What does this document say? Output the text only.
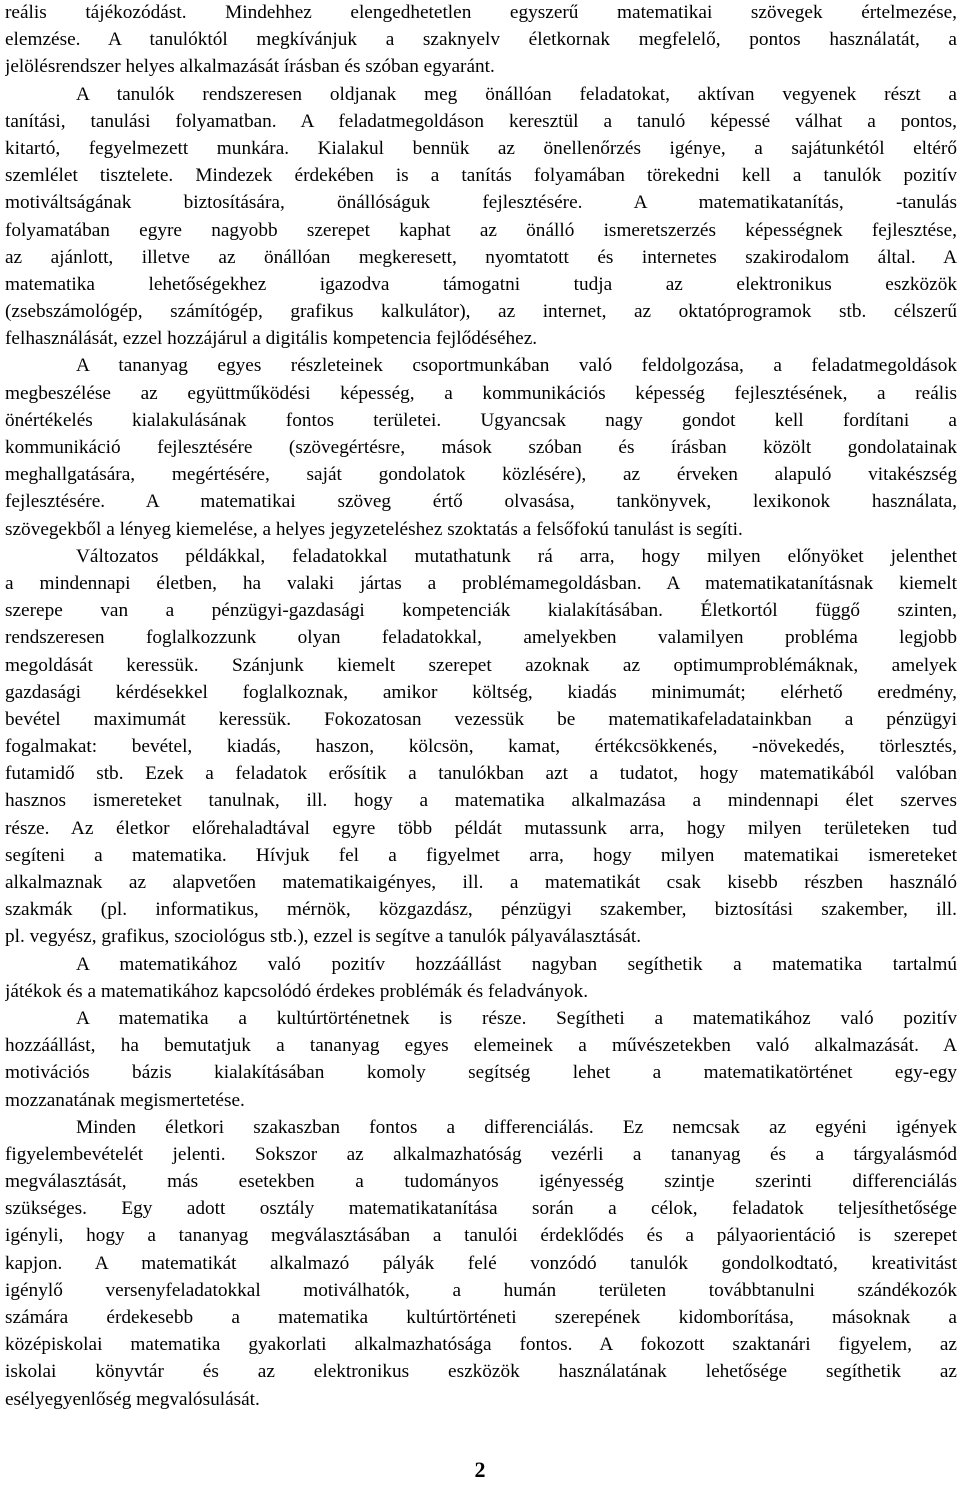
reális tájékozódást. Mindehhez elengedhetetlen egyszerű matematikai szövegek értelmezése,
elemzése. A tanulóktól megkívánjuk a szaknyelv életkornak megfelelő, pontos használatát, a
jelölésrendszer helyes alkalmazását írásban és szóban egyaránt.
A tanulók rendszeresen oldjanak meg önállóan feladatokat, aktívan vegyenek részt a
tanítási, tanulási folyamatban. A feladatmegoldáson keresztül a tanuló képessé válhat a pontos,
kitartó, fegyelmezett munkára. Kialakul bennük az önellenőrzés igénye, a sajátunkétól eltérő
szemlélet tisztelete. Mindezek érdekében is a tanítás folyamában törekedni kell a tanulók pozitív
motiváltságának biztosítására, önállóságuk fejlesztésére. A matematikatanítás, -tanulás
folyamatában egyre nagyobb szerepet kaphat az önálló ismeretszerzés képességnek fejlesztése,
az ajánlott, illetve az önállóan megkeresett, nyomtatott és internetes szakirodalom által. A
matematika lehetőségekhez igazodva támogatni tudja az elektronikus eszközök
(zsebszámológép, számítógép, grafikus kalkulátor), az internet, az oktatóprogramok stb. célszerű
felhasználását, ezzel hozzájárul a digitális kompetencia fejlődéséhez.
A tananyag egyes részleteinek csoportmunkában való feldolgozása, a feladatmegoldások
megbeszélése az együttműködési képesség, a kommunikációs képesség fejlesztésének, a reális
önértékelés kialakulásának fontos területei. Ugyancsak nagy gondot kell fordítani a
kommunikáció fejlesztésére (szövegértésre, mások szóban és írásban közölt gondolatainak
meghallgatására, megértésére, saját gondolatok közlésére), az érveken alapuló vitakészség
fejlesztésére. A matematikai szöveg értő olvasása, tankönyvek, lexikonok használata,
szövegekből a lényeg kiemelése, a helyes jegyzeteléshez szoktatás a felsőfokú tanulást is segíti.
Változatos példákkal, feladatokkal mutathatunk rá arra, hogy milyen előnyöket jelenthet
a mindennapi életben, ha valaki jártas a problémamegoldásban. A matematikatanításnak kiemelt
szerepe van a pénzügyi-gazdasági kompetenciák kialakításában. Életkortól függő szinten,
rendszeresen foglalkozzunk olyan feladatokkal, amelyekben valamilyen probléma legjobb
megoldását keressük. Szánjunk kiemelt szerepet azoknak az optimumproblémáknak, amelyek
gazdasági kérdésekkel foglalkoznak, amikor költség, kiadás minimumát; elérhető eredmény,
bevétel maximumát keressük. Fokozatosan vezessük be matematikafeladatainkban a pénzügyi
fogalmakat: bevétel, kiadás, haszon, kölcsön, kamat, értékcsökkenés, -növekedés, törlesztés,
futamidő stb. Ezek a feladatok erősítik a tanulókban azt a tudatot, hogy matematikából valóban
hasznos ismereteket tanulnak, ill. hogy a matematika alkalmazása a mindennapi élet szerves
része. Az életkor előrehaladtával egyre több példát mutassunk arra, hogy milyen területeken tud
segíteni a matematika. Hívjuk fel a figyelmet arra, hogy milyen matematikai ismereteket
alkalmaznak az alapvetően matematikaigényes, ill. a matematikát csak kisebb részben használó
szakmák (pl. informatikus, mérnök, közgazdász, pénzügyi szakember, biztosítási szakember, ill.
pl. vegyész, grafikus, szociológus stb.), ezzel is segítve a tanulók pályaválasztását.
A matematikához való pozitív hozzáállást nagyban segíthetik a matematika tartalmú
játékok és a matematikához kapcsolódó érdekes problémák és feladványok.
A matematika a kultúrtörténetnek is része. Segítheti a matematikához való pozitív
hozzáállást, ha bemutatjuk a tananyag egyes elemeinek a művészetekben való alkalmazását. A
motivációs bázis kialakításában komoly segítség lehet a matematikatörténet egy-egy
mozzanatának megismertetése.
Minden életkori szakaszban fontos a differenciálás. Ez nemcsak az egyéni igények
figyelembevételét jelenti. Sokszor az alkalmazhatóság vezérli a tananyag és a tárgyalásmód
megválasztását, más esetekben a tudományos igényesség szintje szerinti differenciálás
szükséges. Egy adott osztály matematikatanítása során a célok, feladatok teljesíthetősége
igényli, hogy a tananyag megválasztásában a tanulói érdeklődés és a pályaorientáció is szerepet
kapjon. A matematikát alkalmazó pályák felé vonzódó tanulók gondolkodtató, kreativitást
igénylő versenyfeladatokkal motiválhatók, a humán területen továbbtanulni szándékozók
számára érdekesebb a matematika kultúrtörténeti szerepének kidomborítása, másoknak a
középiskolai matematika gyakorlati alkalmazhatósága fontos. A fokozott szaktanári figyelem, az
iskolai könyvtár és az elektronikus eszközök használatának lehetősége segíthetik az
esélyegyenlőség megvalósulását.
2
